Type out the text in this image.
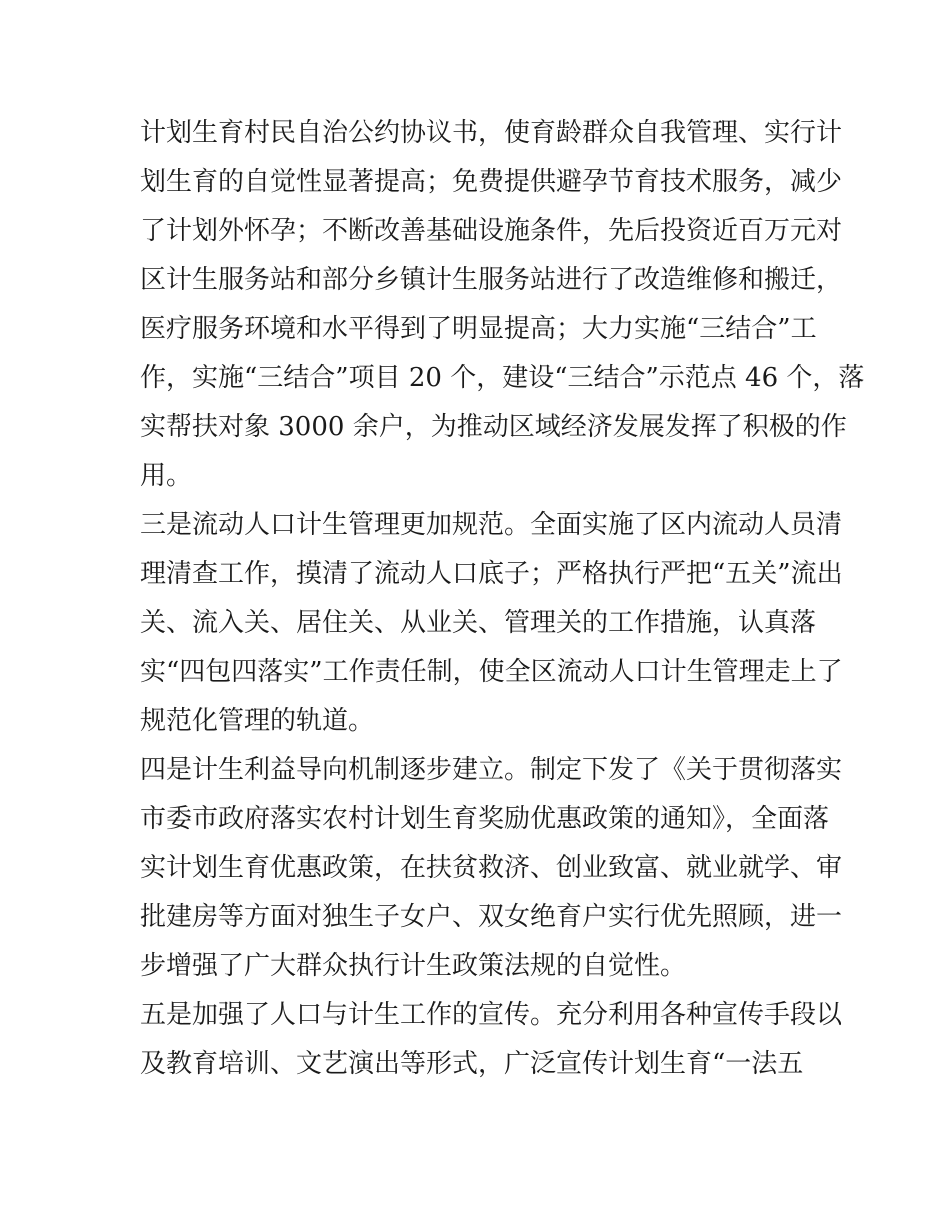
计划生育村民自治公约协议书，使育龄群众自我管理、实行计
划生育的自觉性显著提高；免费提供避孕节育技术服务，减少
了计划外怀孕；不断改善基础设施条件，先后投资近百万元对
区计生服务站和部分乡镇计生服务站进行了改造维修和搬迁，
医疗服务环境和水平得到了明显提高；大力实施“三结合”工
作，实施“三结合”项目 20 个，建设“三结合”示范点 46 个，落
实帮扶对象 3000 余户，为推动区域经济发展发挥了积极的作
用。
三是流动人口计生管理更加规范。全面实施了区内流动人员清
理清查工作，摸清了流动人口底子；严格执行严把“五关”流出
关、流入关、居住关、从业关、管理关的工作措施，认真落
实“四包四落实”工作责任制，使全区流动人口计生管理走上了
规范化管理的轨道。
四是计生利益导向机制逐步建立。制定下发了《关于贯彻落实
市委市政府落实农村计划生育奖励优惠政策的通知》，全面落
实计划生育优惠政策，在扶贫救济、创业致富、就业就学、审
批建房等方面对独生子女户、双女绝育户实行优先照顾，进一
步增强了广大群众执行计生政策法规的自觉性。
五是加强了人口与计生工作的宣传。充分利用各种宣传手段以
及教育培训、文艺演出等形式，广泛宣传计划生育“一法五
